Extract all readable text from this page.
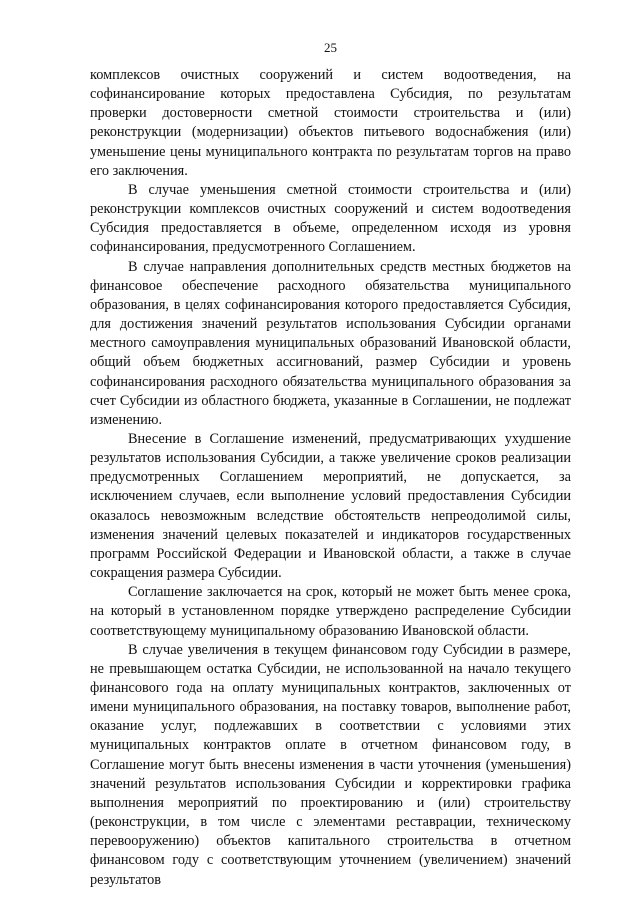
25

комплексов очистных сооружений и систем водоотведения, на софинансирование которых предоставлена Субсидия, по результатам проверки достоверности сметной стоимости строительства и (или) реконструкции (модернизации) объектов питьевого водоснабжения (или) уменьшение цены муниципального контракта по результатам торгов на право его заключения.

В случае уменьшения сметной стоимости строительства и (или) реконструкции комплексов очистных сооружений и систем водоотведения Субсидия предоставляется в объеме, определенном исходя из уровня софинансирования, предусмотренного Соглашением.

В случае направления дополнительных средств местных бюджетов на финансовое обеспечение расходного обязательства муниципального образования, в целях софинансирования которого предоставляется Субсидия, для достижения значений результатов использования Субсидии органами местного самоуправления муниципальных образований Ивановской области, общий объем бюджетных ассигнований, размер Субсидии и уровень софинансирования расходного обязательства муниципального образования за счет Субсидии из областного бюджета, указанные в Соглашении, не подлежат изменению.

Внесение в Соглашение изменений, предусматривающих ухудшение результатов использования Субсидии, а также увеличение сроков реализации предусмотренных Соглашением мероприятий, не допускается, за исключением случаев, если выполнение условий предоставления Субсидии оказалось невозможным вследствие обстоятельств непреодолимой силы, изменения значений целевых показателей и индикаторов государственных программ Российской Федерации и Ивановской области, а также в случае сокращения размера Субсидии.

Соглашение заключается на срок, который не может быть менее срока, на который в установленном порядке утверждено распределение Субсидии соответствующему муниципальному образованию Ивановской области.

В случае увеличения в текущем финансовом году Субсидии в размере, не превышающем остатка Субсидии, не использованной на начало текущего финансового года на оплату муниципальных контрактов, заключенных от имени муниципального образования, на поставку товаров, выполнение работ, оказание услуг, подлежавших в соответствии с условиями этих муниципальных контрактов оплате в отчетном финансовом году, в Соглашение могут быть внесены изменения в части уточнения (уменьшения) значений результатов использования Субсидии и корректировки графика выполнения мероприятий по проектированию и (или) строительству (реконструкции, в том числе с элементами реставрации, техническому перевооружению) объектов капитального строительства в отчетном финансовом году с соответствующим уточнением (увеличением) значений результатов
